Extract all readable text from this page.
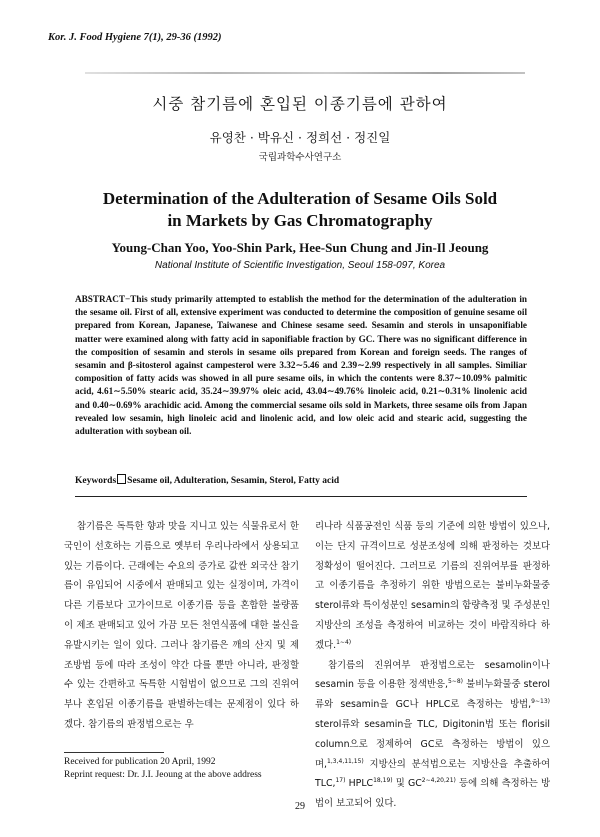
Kor. J. Food Hygiene 7(1), 29-36 (1992)
시중 참기름에 혼입된 이종기름에 관하여
유영찬 · 박유신 · 정희선 · 정진일
국립과학수사연구소
Determination of the Adulteration of Sesame Oils Sold
in Markets by Gas Chromatography
Young-Chan Yoo, Yoo-Shin Park, Hee-Sun Chung and Jin-Il Jeoung
National Institute of Scientific Investigation, Seoul 158-097, Korea
ABSTRACT−This study primarily attempted to establish the method for the determination of the adulteration in the sesame oil. First of all, extensive experiment was conducted to determine the composition of genuine sesame oil prepared from Korean, Japanese, Taiwanese and Chinese sesame seed. Sesamin and sterols in unsaponifiable matter were examined along with fatty acid in saponifiable fraction by GC. There was no significant difference in the composition of sesamin and sterols in sesame oils prepared from Korean and foreign seeds. The ranges of sesamin and β-sitosterol against campesterol were 3.32∼5.46 and 2.39∼2.99 respectively in all samples. Similiar composition of fatty acids was showed in all pure sesame oils, in which the contents were 8.37∼10.09% palmitic acid, 4.61∼5.50% stearic acid, 35.24∼39.97% oleic acid, 43.04∼49.76% linoleic acid, 0.21∼0.31% linolenic acid and 0.40∼0.69% arachidic acid. Among the commercial sesame oils sold in Markets, three sesame oils from Japan revealed low sesamin, high linoleic acid and linolenic acid, and low oleic acid and stearic acid, suggesting the adulteration with soybean oil.
Keywords Sesame oil, Adulteration, Sesamin, Sterol, Fatty acid

참기름은 독특한 향과 맛을 지니고 있는 식물유로서 한국인이 선호하는 기름으로 옛부터 우리나라에서 상용되고 있는 기름이다. 근래에는 수요의 증가로 값싼 외국산 참기름이 유입되어 시중에서 판매되고 있는 실정이며, 가격이 다른 기름보다 고가이므로 이종기름 등을 혼합한 불량품이 제조 판매되고 있어 가끔 모든 천연식품에 대한 불신을 유발시키는 일이 있다. 그러나 참기름은 깨의 산지 및 제조방법 등에 따라 조성이 약간 다를 뿐만 아니라, 판정할 수 있는 간편하고 독특한 시험법이 없으므로 그의 진위여부나 혼입된 이종기름을 판별하는데는 문제점이 있다 하겠다. 참기름의 판정법으로는 우

리나라 식품공전인 식품 등의 기준에 의한 방법이 있으나, 이는 단지 규격이므로 성분조성에 의해 판정하는 것보다 정확성이 떨어진다. 그러므로 기름의 진위여부를 판정하고 이종기름을 추정하기 위한 방법으로는 불비누화물중 sterol류와 특이성분인 sesamin의 함량측정 및 주성분인 지방산의 조성을 측정하여 비교하는 것이 바람직하다 하겠다.$^{1\sim 4)}$

참기름의 진위여부 판정법으로는 sesamolin이나 sesamin 등을 이용한 정색반응,$^{5\sim 8)}$ 불비누화물중 sterol류와 sesamin을 GC나 HPLC로 측정하는 방법,$^{9\sim 13)}$ sterol류와 sesamin을 TLC, Digitonin법 또는 florisil column으로 정제하여 GC로 측정하는 방법이 있으며,$^{1,3,4,11,15)}$ 지방산의 분석법으로는 지방산을 추출하여 TLC,$^{17)}$ HPLC$^{18,19)}$ 및 $GC^{2\sim 4,20,21)}$ 등에 의해 측정하는 방법이 보고되어 있다.

Received for publication 20 April, 1992
Reprint request: Dr. J.I. Jeoung at the above address
29
